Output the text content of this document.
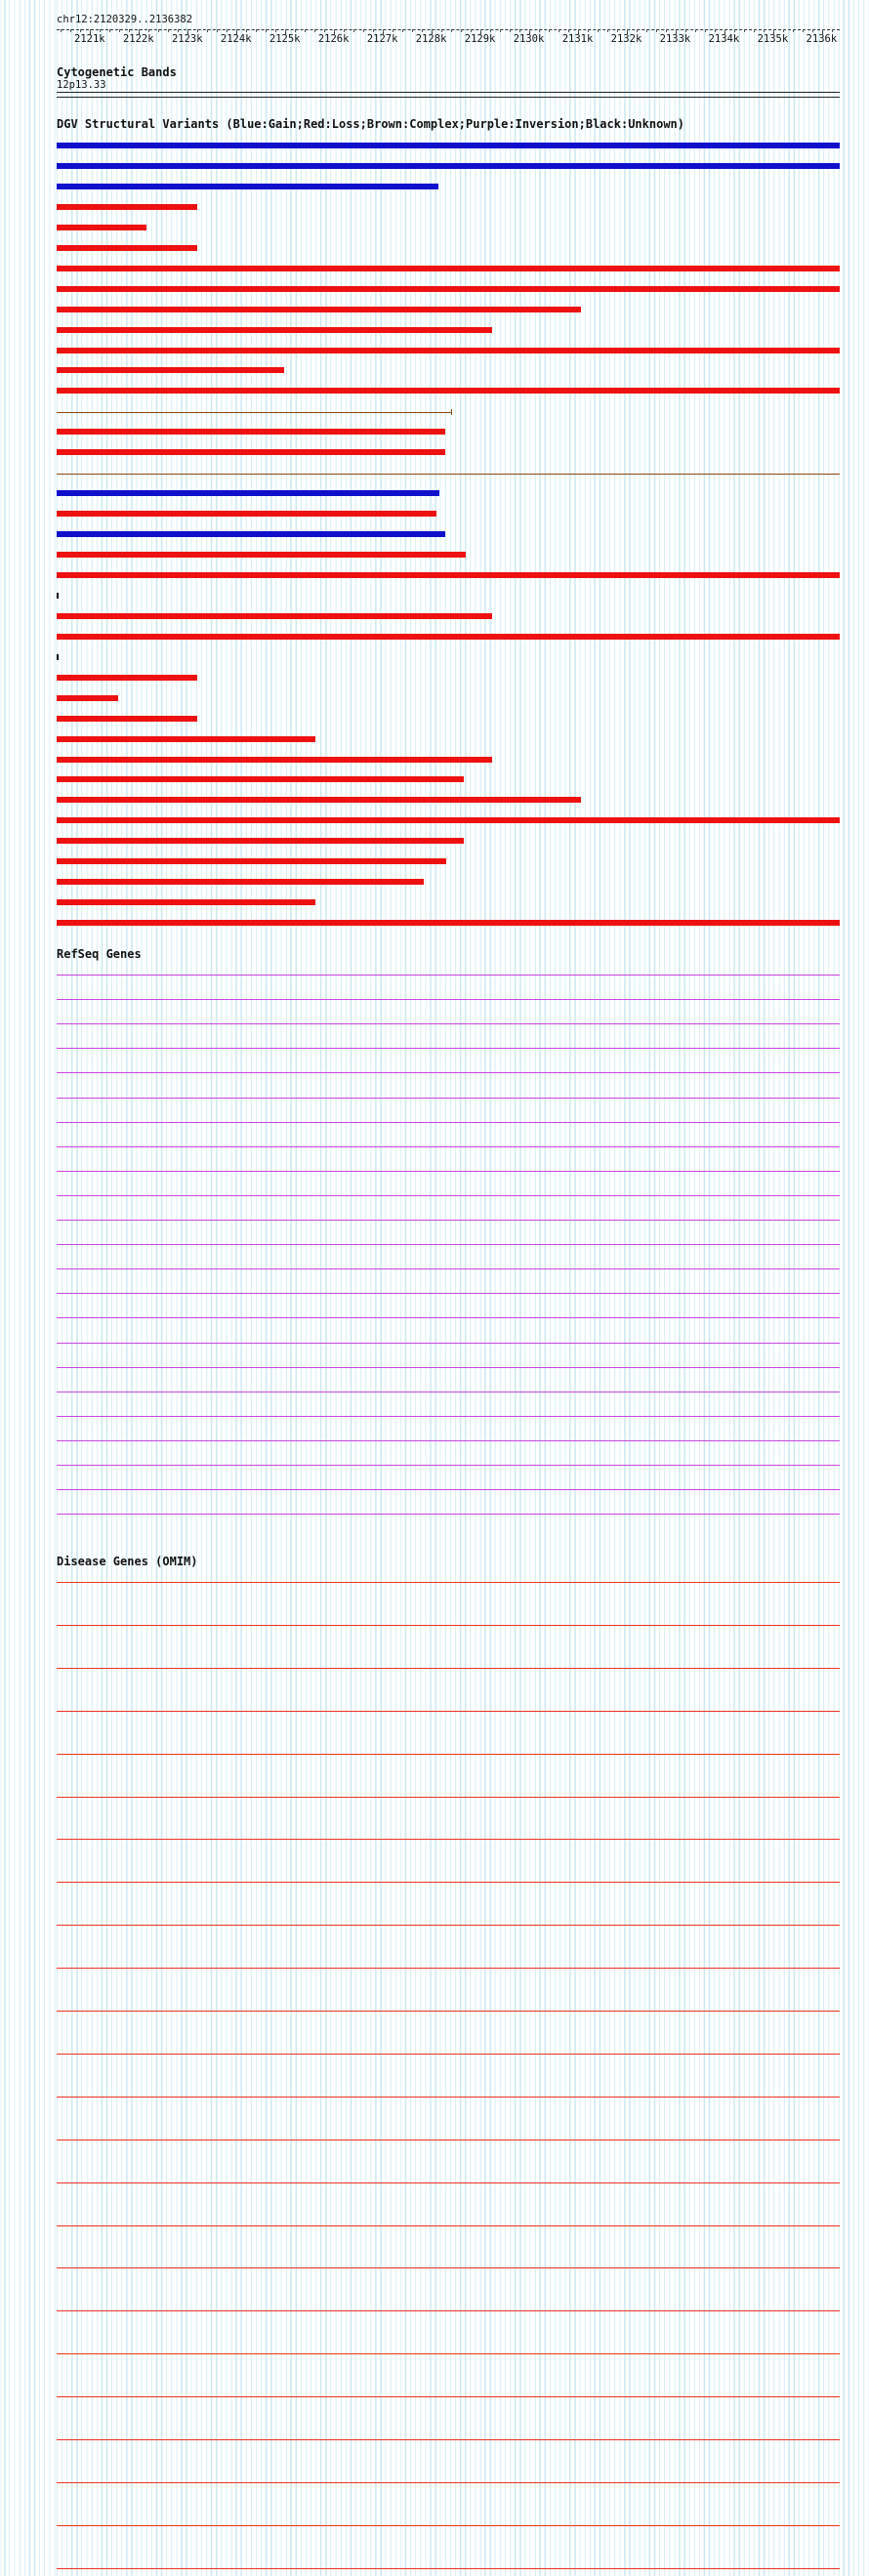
chr12:2120329..2136382
2121k 2122k 2123k 2124k 2125k 2126k 2127k 2128k 2129k 2130k 2131k 2132k 2133k 2134k 2135k 2136k
Cytogenetic Bands
12p13.33
DGV Structural Variants (Blue:Gain;Red:Loss;Brown:Complex;Purple:Inversion;Black:Unknown)
RefSeq Genes
Disease Genes (OMIM)
